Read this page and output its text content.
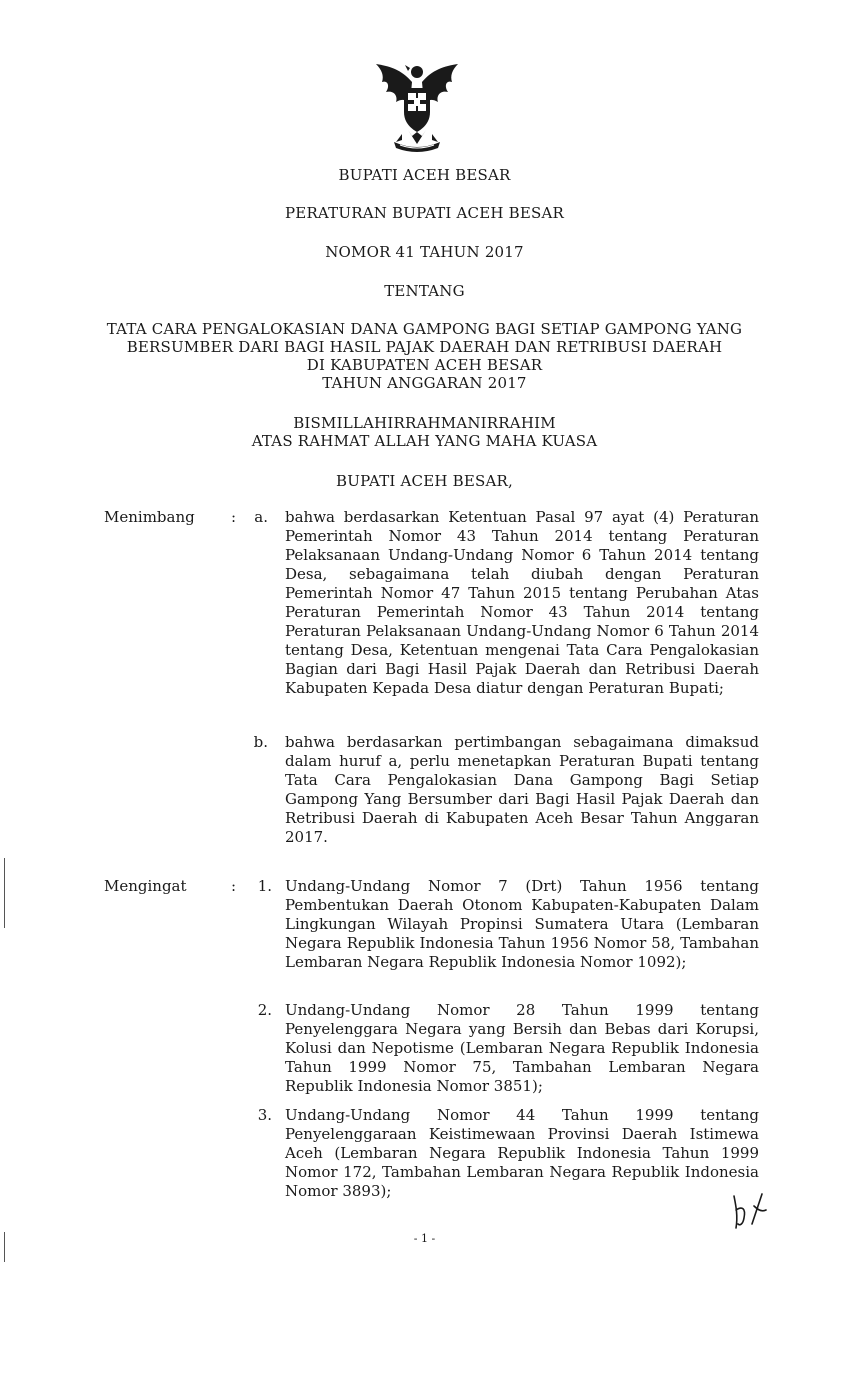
BUPATI ACEH BESAR
PERATURAN BUPATI ACEH BESAR
NOMOR 41 TAHUN 2017
TENTANG
TATA CARA PENGALOKASIAN DANA GAMPONG BAGI SETIAP GAMPONG YANG
BERSUMBER DARI BAGI HASIL PAJAK DAERAH DAN RETRIBUSI DAERAH
DI KABUPATEN ACEH BESAR
TAHUN ANGGARAN 2017
BISMILLAHIRRAHMANIRRAHIM
ATAS RAHMAT ALLAH YANG MAHA KUASA
BUPATI ACEH BESAR,
Menimbang :	a. bahwa berdasarkan Ketentuan Pasal 97 ayat (4) Peraturan Pemerintah Nomor 43 Tahun 2014 tentang Peraturan Pelaksanaan Undang-Undang Nomor 6 Tahun 2014 tentang Desa, sebagaimana telah diubah dengan Peraturan Pemerintah Nomor 47 Tahun 2015 tentang Perubahan Atas Peraturan Pemerintah Nomor 43 Tahun 2014 tentang Peraturan Pelaksanaan Undang-Undang Nomor 6 Tahun 2014 tentang Desa, Ketentuan mengenai Tata Cara Pengalokasian Bagian dari Bagi Hasil Pajak Daerah dan Retribusi Daerah Kabupaten Kepada Desa diatur dengan Peraturan Bupati;
b. bahwa berdasarkan pertimbangan sebagaimana dimaksud dalam huruf a, perlu menetapkan Peraturan Bupati tentang Tata Cara Pengalokasian Dana Gampong Bagi Setiap Gampong Yang Bersumber dari Bagi Hasil Pajak Daerah dan Retribusi Daerah di Kabupaten Aceh Besar Tahun Anggaran 2017.
Mengingat	:	1. Undang-Undang Nomor 7 (Drt) Tahun 1956 tentang Pembentukan Daerah Otonom Kabupaten-Kabupaten Dalam Lingkungan Wilayah Propinsi Sumatera Utara (Lembaran Negara Republik Indonesia Tahun 1956 Nomor 58, Tambahan Lembaran Negara Republik Indonesia Nomor 1092);
2. Undang-Undang Nomor 28 Tahun 1999 tentang Penyelenggara Negara yang Bersih dan Bebas dari Korupsi, Kolusi dan Nepotisme (Lembaran Negara Republik Indonesia Tahun 1999 Nomor 75, Tambahan Lembaran Negara Republik Indonesia Nomor 3851);
3. Undang-Undang Nomor 44 Tahun 1999 tentang Penyelenggaraan Keistimewaan Provinsi Daerah Istimewa Aceh (Lembaran Negara Republik Indonesia Tahun 1999 Nomor 172, Tambahan Lembaran Negara Republik Indonesia Nomor 3893);
- 1 -
